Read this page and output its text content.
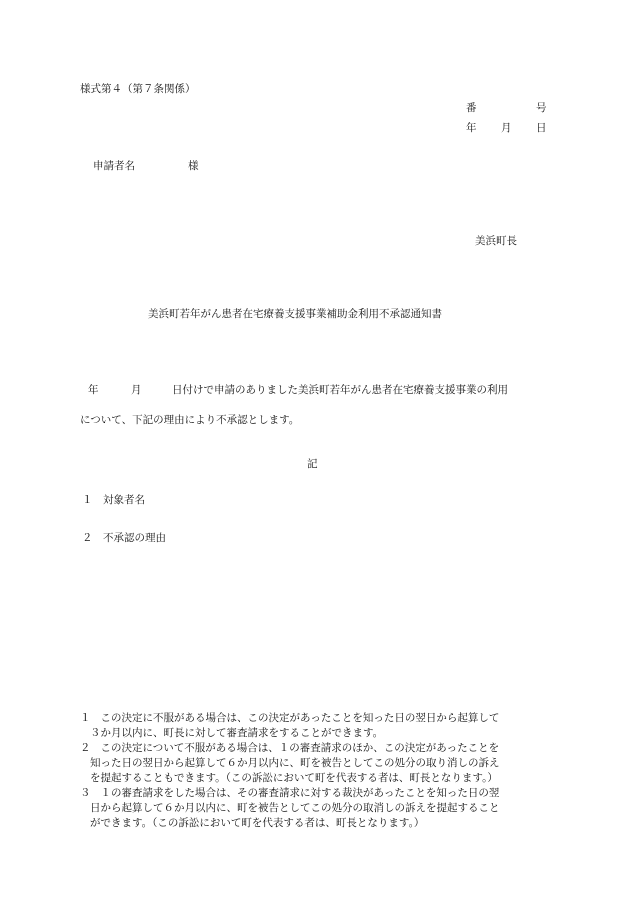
様式第４（第７条関係）
番	号
年 月 日
申請者名	様
美浜町長
美浜町若年がん患者在宅療養支援事業補助金利用不承認通知書
年	月	日付けで申請のありました美浜町若年がん患者在宅療養支援事業の利用
について、下記の理由により不承認とします。
記
１　対象者名
２　不承認の理由
１ 　この決定に不服がある場合は、この決定があったことを知った日の翌日から起算して
３か月以内に、町長に対して審査請求をすることができます。
２ 　この決定について不服がある場合は、１の審査請求のほか、この決定があったことを
知った日の翌日から起算して６か月以内に、町を被告としてこの処分の取り消しの訴え
を提起することもできます。（この訴訟において町を代表する者は、町長となります。）
３ 　１の審査請求をした場合は、その審査請求に対する裁決があったことを知った日の翌
日から起算して６か月以内に、町を被告としてこの処分の取消しの訴えを提起すること
ができます。（この訴訟において町を代表する者は、町長となります。）
